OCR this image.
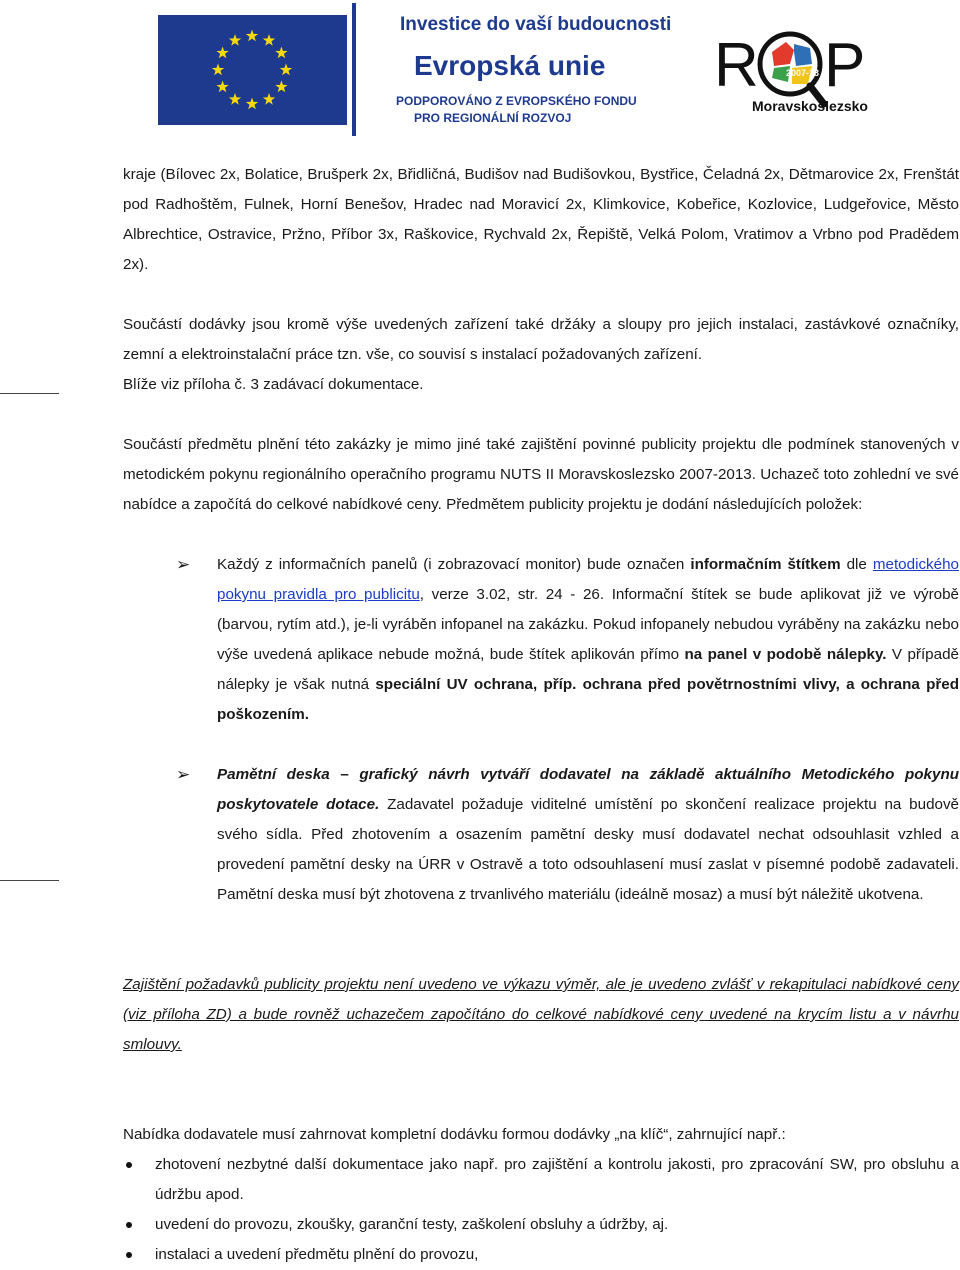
Investice do vaší budoucnosti
Evropská unie
PODPOROVÁNO Z EVROPSKÉHO FONDU
PRO REGIONÁLNÍ ROZVOJ
R	2007-13 P
Moravskoslezsko

kraje (Bílovec 2x, Bolatice, Brušperk 2x, Břidličná, Budišov nad Budišovkou, Bystřice, Čeladná 2x, Dětmarovice 2x, Frenštát pod Radhoštěm, Fulnek, Horní Benešov, Hradec nad Moravicí 2x, Klimkovice, Kobeřice, Kozlovice, Ludgeřovice, Město Albrechtice, Ostravice, Pržno, Příbor 3x, Raškovice, Rychvald 2x, Řepiště, Velká Polom, Vratimov a Vrbno pod Pradědem 2x).

Součástí dodávky jsou kromě výše uvedených zařízení také držáky a sloupy pro jejich instalaci, zastávkové označníky, zemní a elektroinstalační práce tzn. vše, co souvisí s instalací požadovaných zařízení.

Blíže viz příloha č. 3 zadávací dokumentace.

Součástí předmětu plnění této zakázky je mimo jiné také zajištění povinné publicity projektu dle podmínek stanovených v metodickém pokynu regionálního operačního programu NUTS II Moravskoslezsko 2007-2013. Uchazeč toto zohlední ve své nabídce a započítá do celkové nabídkové ceny. Předmětem publicity projektu je dodání následujících položek:

➢ Každý z informačních panelů (i zobrazovací monitor) bude označen informačním štítkem dle metodického pokynu pravidla pro publicitu, verze 3.02, str. 24 - 26. Informační štítek se bude aplikovat již ve výrobě (barvou, rytím atd.), je-li vyráběn infopanel na zakázku. Pokud infopanely nebudou vyráběny na zakázku nebo výše uvedená aplikace nebude možná, bude štítek aplikován přímo na panel v podobě nálepky. V případě nálepky je však nutná speciální UV ochrana, příp. ochrana před povětrnostními vlivy, a ochrana před poškozením.

➢ Pamětní deska – grafický návrh vytváří dodavatel na základě aktuálního Metodického pokynu poskytovatele dotace. Zadavatel požaduje viditelné umístění po skončení realizace projektu na budově svého sídla. Před zhotovením a osazením pamětní desky musí dodavatel nechat odsouhlasit vzhled a provedení pamětní desky na ÚRR v Ostravě a toto odsouhlasení musí zaslat v písemné podobě zadavateli. Pamětní deska musí být zhotovena z trvanlivého materiálu (ideálně mosaz) a musí být náležitě ukotvena.

Zajištění požadavků publicity projektu není uvedeno ve výkazu výměr, ale je uvedeno zvlášť v rekapitulaci nabídkové ceny (viz příloha ZD) a bude rovněž uchazečem započítáno do celkové nabídkové ceny uvedené na krycím listu a v návrhu smlouvy.

Nabídka dodavatele musí zahrnovat kompletní dodávku formou dodávky „na klíč“, zahrnující např.:

zhotovení nezbytné další dokumentace jako např. pro zajištění a kontrolu jakosti, pro zpracování SW, pro obsluhu a údržbu apod.

uvedení do provozu, zkoušky, garanční testy, zaškolení obsluhy a údržby, aj.

instalaci a uvedení předmětu plnění do provozu,
